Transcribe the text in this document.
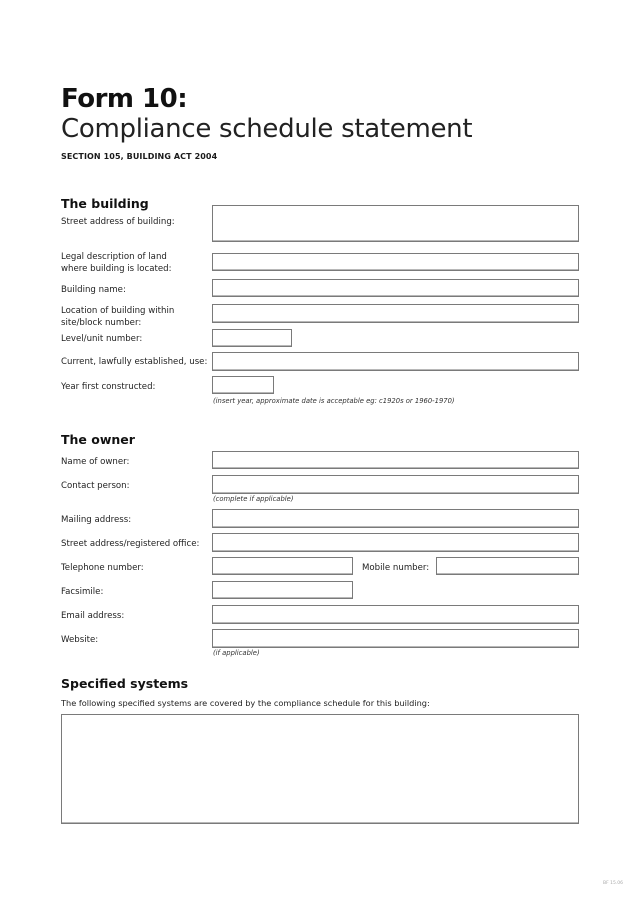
Form 10:
Compliance schedule statement
SECTION 105, BUILDING ACT 2004
The building
Street address of building:
Legal description of land
where building is located:
Building name:
Location of building within
site/block number:
Level/unit number:
Current, lawfully established, use:
Year first constructed:
(insert year, approximate date is acceptable eg: c1920s or 1960-1970)
The owner
Name of owner:
Contact person:
(complete if applicable)
Mailing address:
Street address/registered office:
Telephone number:	Mobile number:
Facsimile:
Email address:
Website:
(if applicable)
Specified systems
The following specified systems are covered by the compliance schedule for this building:
BF 15.06
